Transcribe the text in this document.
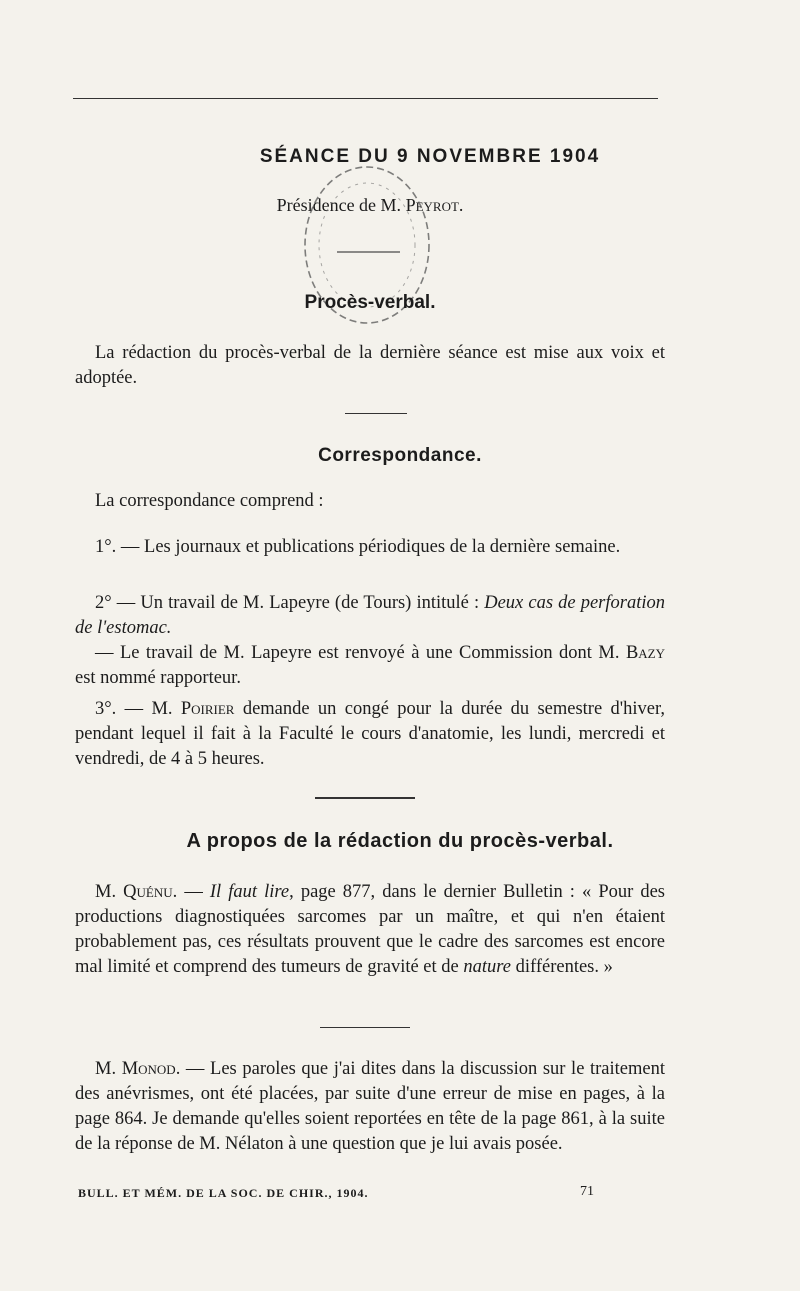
SÉANCE DU 9 NOVEMBRE 1904
Présidence de M. Peyrot.
Procès-verbal.

La rédaction du procès-verbal de la dernière séance est mise aux voix et adoptée.

Correspondance.

La correspondance comprend :

1°. — Les journaux et publications périodiques de la dernière semaine.

2° — Un travail de M. Lapeyre (de Tours) intitulé : Deux cas de perforation de l'estomac.

— Le travail de M. Lapeyre est renvoyé à une Commission dont M. Bazy est nommé rapporteur.

3°. — M. Poirier demande un congé pour la durée du semestre d'hiver, pendant lequel il fait à la Faculté le cours d'anatomie, les lundi, mercredi et vendredi, de 4 à 5 heures.

A propos de la rédaction du procès-verbal.

M. Quénu. — Il faut lire, page 877, dans le dernier Bulletin : « Pour des productions diagnostiquées sarcomes par un maître, et qui n'en étaient probablement pas, ces résultats prouvent que le cadre des sarcomes est encore mal limité et comprend des tumeurs de gravité et de nature différentes. »

M. Monod. — Les paroles que j'ai dites dans la discussion sur le traitement des anévrismes, ont été placées, par suite d'une erreur de mise en pages, à la page 864. Je demande qu'elles soient reportées en tête de la page 861, à la suite de la réponse de M. Nélaton à une question que je lui avais posée.

BULL. ET MÉM. DE LA SOC. DE CHIR., 1904.	71
